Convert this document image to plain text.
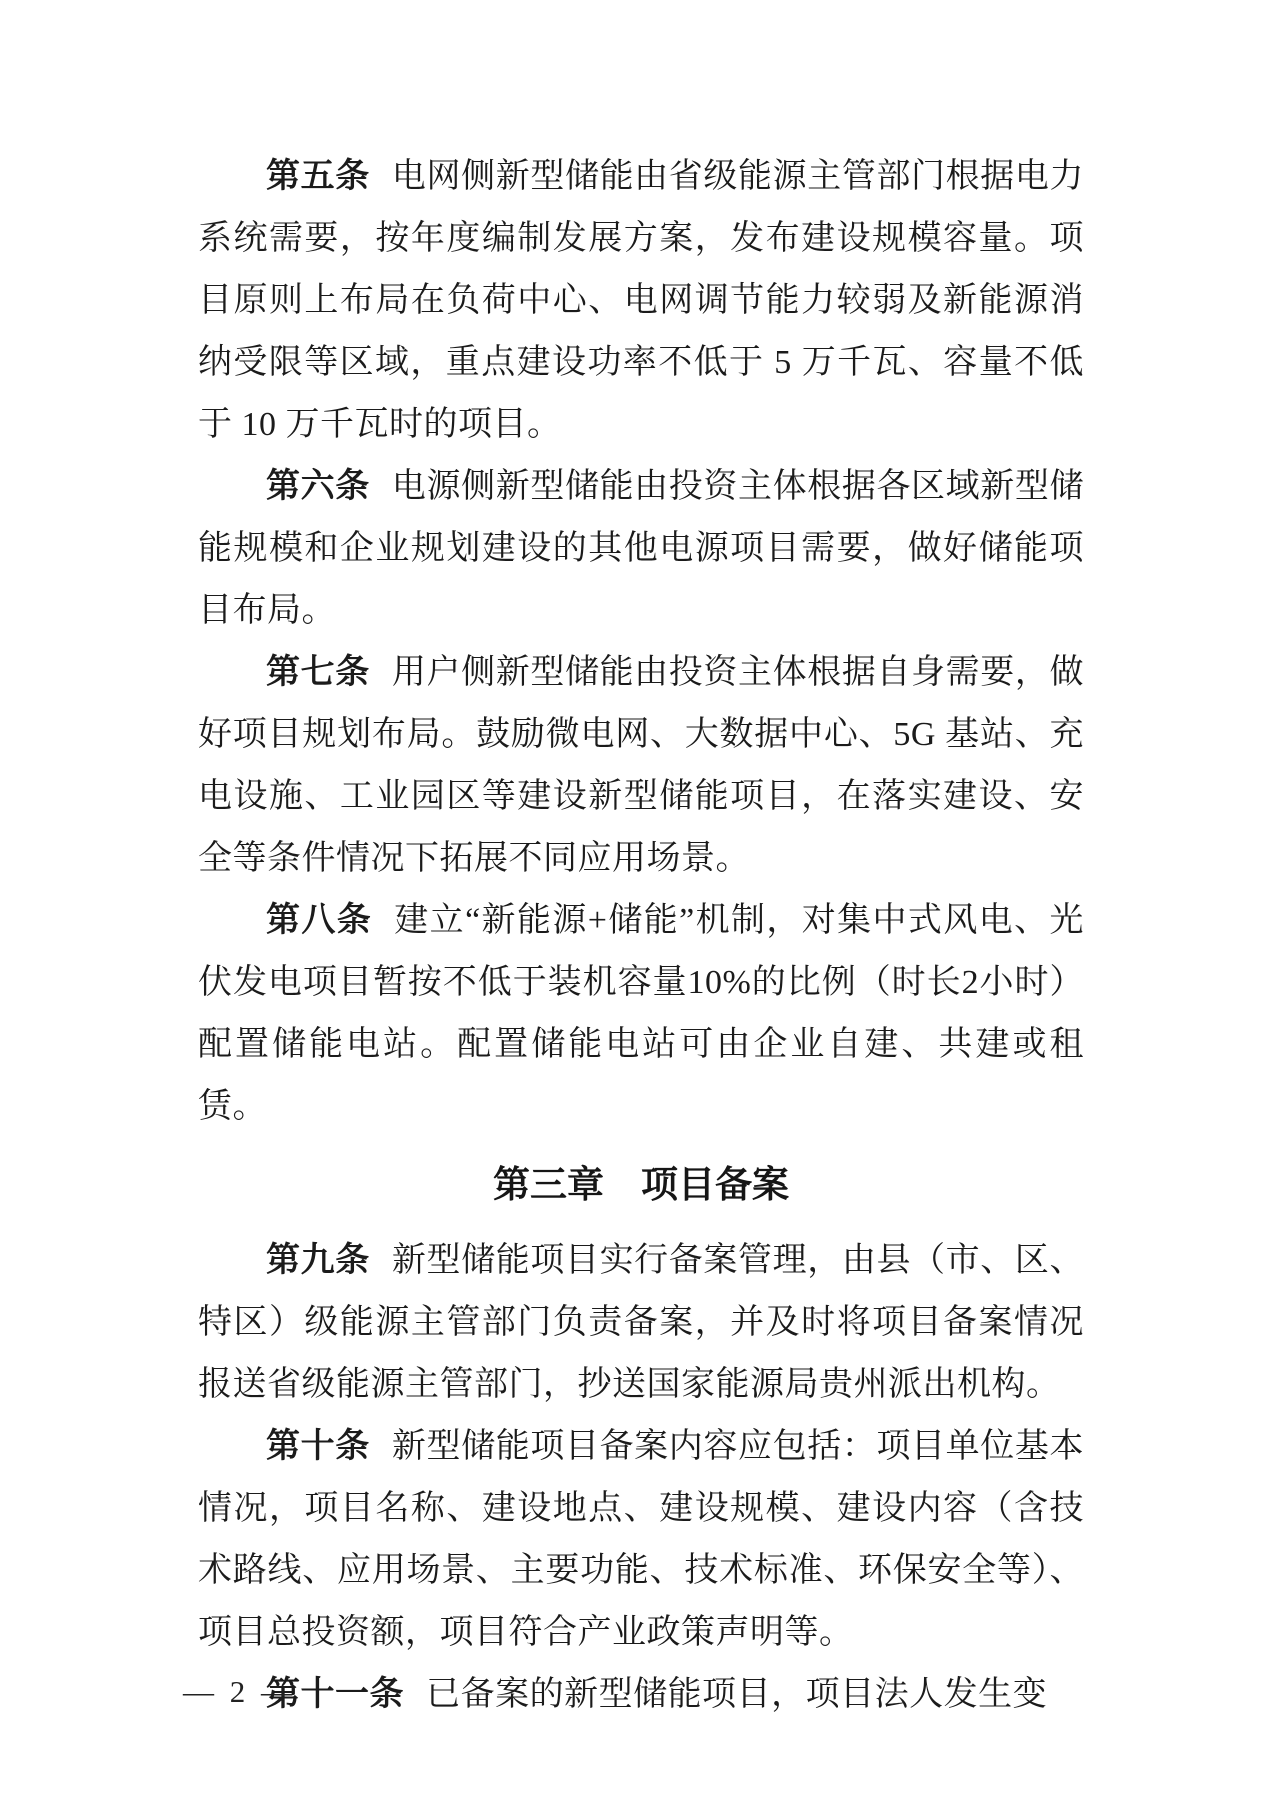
第五条 电网侧新型储能由省级能源主管部门根据电力系统需要，按年度编制发展方案，发布建设规模容量。项目原则上布局在负荷中心、电网调节能力较弱及新能源消纳受限等区域，重点建设功率不低于 5 万千瓦、容量不低于 10 万千瓦时的项目。

第六条 电源侧新型储能由投资主体根据各区域新型储能规模和企业规划建设的其他电源项目需要，做好储能项目布局。

第七条 用户侧新型储能由投资主体根据自身需要，做好项目规划布局。鼓励微电网、大数据中心、5G 基站、充电设施、工业园区等建设新型储能项目，在落实建设、安全等条件情况下拓展不同应用场景。

第八条 建立“新能源+储能”机制，对集中式风电、光伏发电项目暂按不低于装机容量10%的比例（时长2小时）配置储能电站。配置储能电站可由企业自建、共建或租赁。

第三章　项目备案

第九条 新型储能项目实行备案管理，由县（市、区、特区）级能源主管部门负责备案，并及时将项目备案情况报送省级能源主管部门，抄送国家能源局贵州派出机构。

第十条 新型储能项目备案内容应包括：项目单位基本情况，项目名称、建设地点、建设规模、建设内容（含技术路线、应用场景、主要功能、技术标准、环保安全等）、项目总投资额，项目符合产业政策声明等。

第十一条 已备案的新型储能项目，项目法人发生变

— 2 —
